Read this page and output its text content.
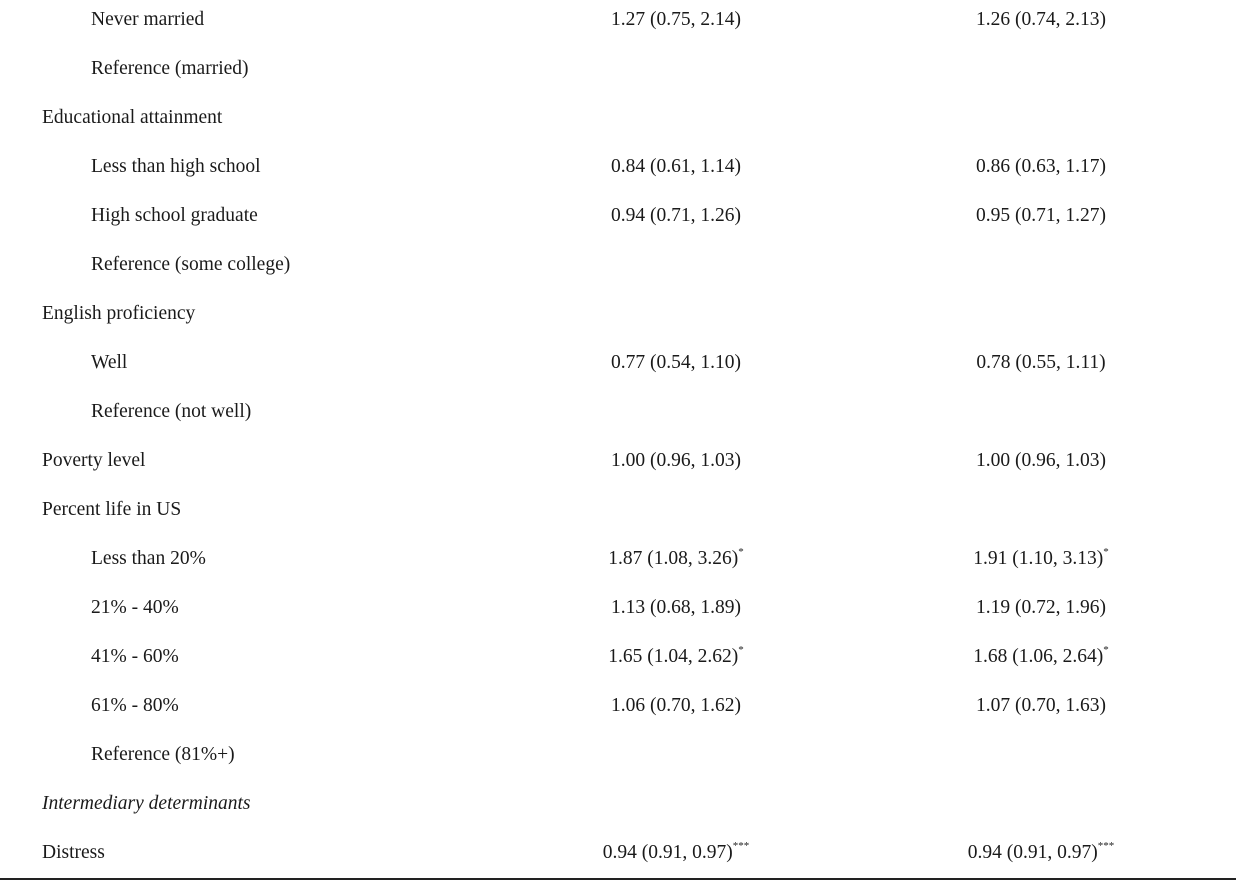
Never married	1.27 (0.75, 2.14)	1.26 (0.74, 2.13)
Reference (married)
Educational attainment
Less than high school	0.84 (0.61, 1.14)	0.86 (0.63, 1.17)
High school graduate	0.94 (0.71, 1.26)	0.95 (0.71, 1.27)
Reference (some college)
English proficiency
Well	0.77 (0.54, 1.10)	0.78 (0.55, 1.11)
Reference (not well)
Poverty level	1.00 (0.96, 1.03)	1.00 (0.96, 1.03)
Percent life in US
Less than 20%	1.87 (1.08, 3.26)*	1.91 (1.10, 3.13)*
21% - 40%	1.13 (0.68, 1.89)	1.19 (0.72, 1.96)
41% - 60%	1.65 (1.04, 2.62)*	1.68 (1.06, 2.64)*
61% - 80%	1.06 (0.70, 1.62)	1.07 (0.70, 1.63)
Reference (81%+)
Intermediary determinants
Distress	0.94 (0.91, 0.97)***	0.94 (0.91, 0.97)***
